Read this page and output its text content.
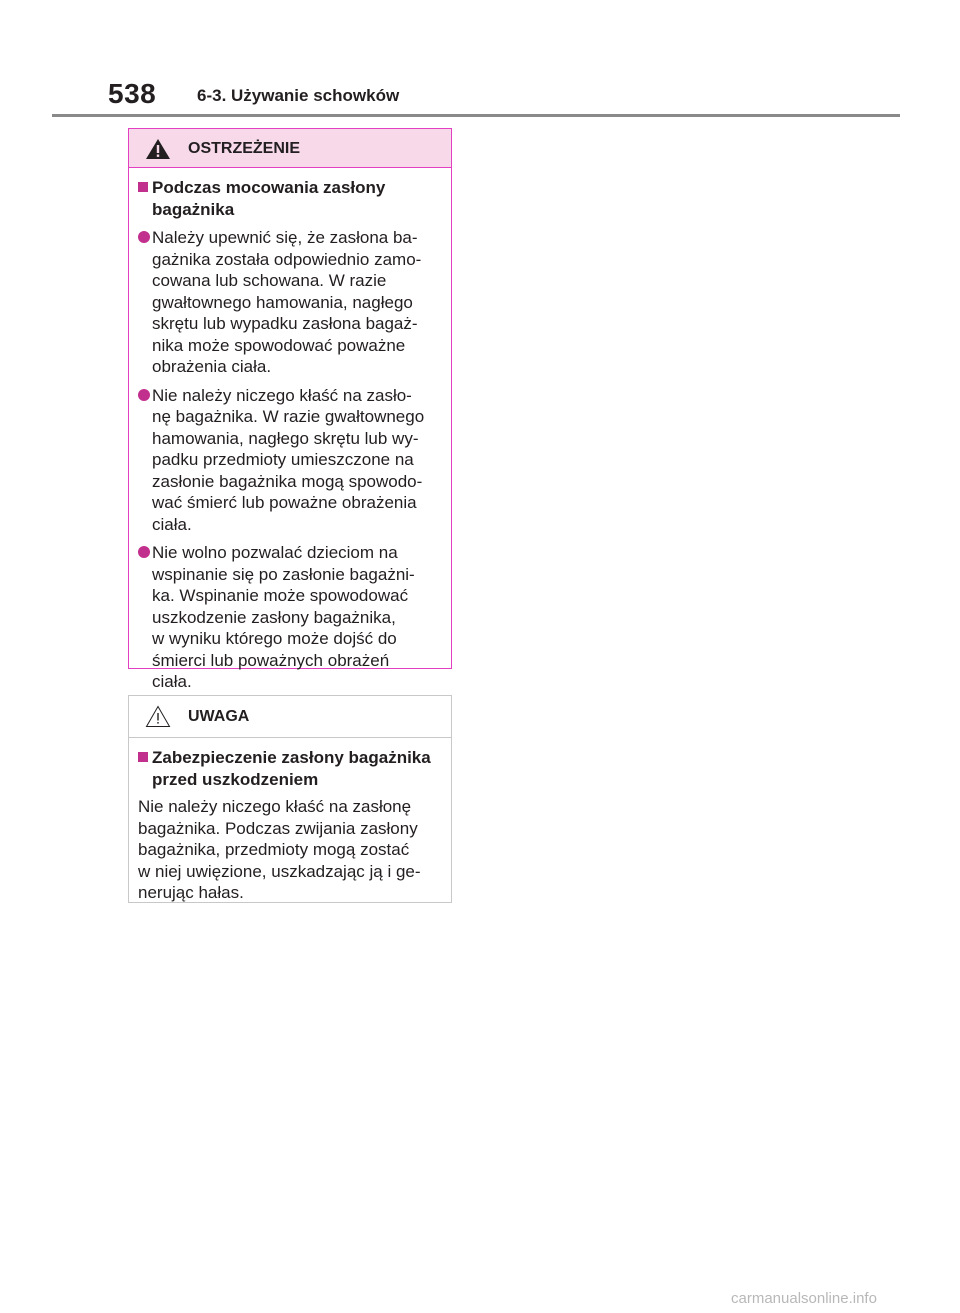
538 6-3. Używanie schowków
OSTRZEŻENIE
Podczas mocowania zasłony
bagażnika
Należy upewnić się, że zasłona ba-
gażnika została odpowiednio zamo-
cowana lub schowana. W razie
gwałtownego hamowania, nagłego
skrętu lub wypadku zasłona bagaż-
nika może spowodować poważne
obrażenia ciała.
Nie należy niczego kłaść na zasło-
nę bagażnika. W razie gwałtownego
hamowania, nagłego skrętu lub wy-
padku przedmioty umieszczone na
zasłonie bagażnika mogą spowodo-
wać śmierć lub poważne obrażenia
ciała.
Nie wolno pozwalać dzieciom na
wspinanie się po zasłonie bagażni-
ka. Wspinanie może spowodować
uszkodzenie zasłony bagażnika,
w wyniku którego może dojść do
śmierci lub poważnych obrażeń
ciała.
UWAGA
Zabezpieczenie zasłony bagażnika
przed uszkodzeniem
Nie należy niczego kłaść na zasłonę
bagażnika. Podczas zwijania zasłony
bagażnika, przedmioty mogą zostać
w niej uwięzione, uszkadzając ją i ge-
nerując hałas.
carmanualsonline.info
